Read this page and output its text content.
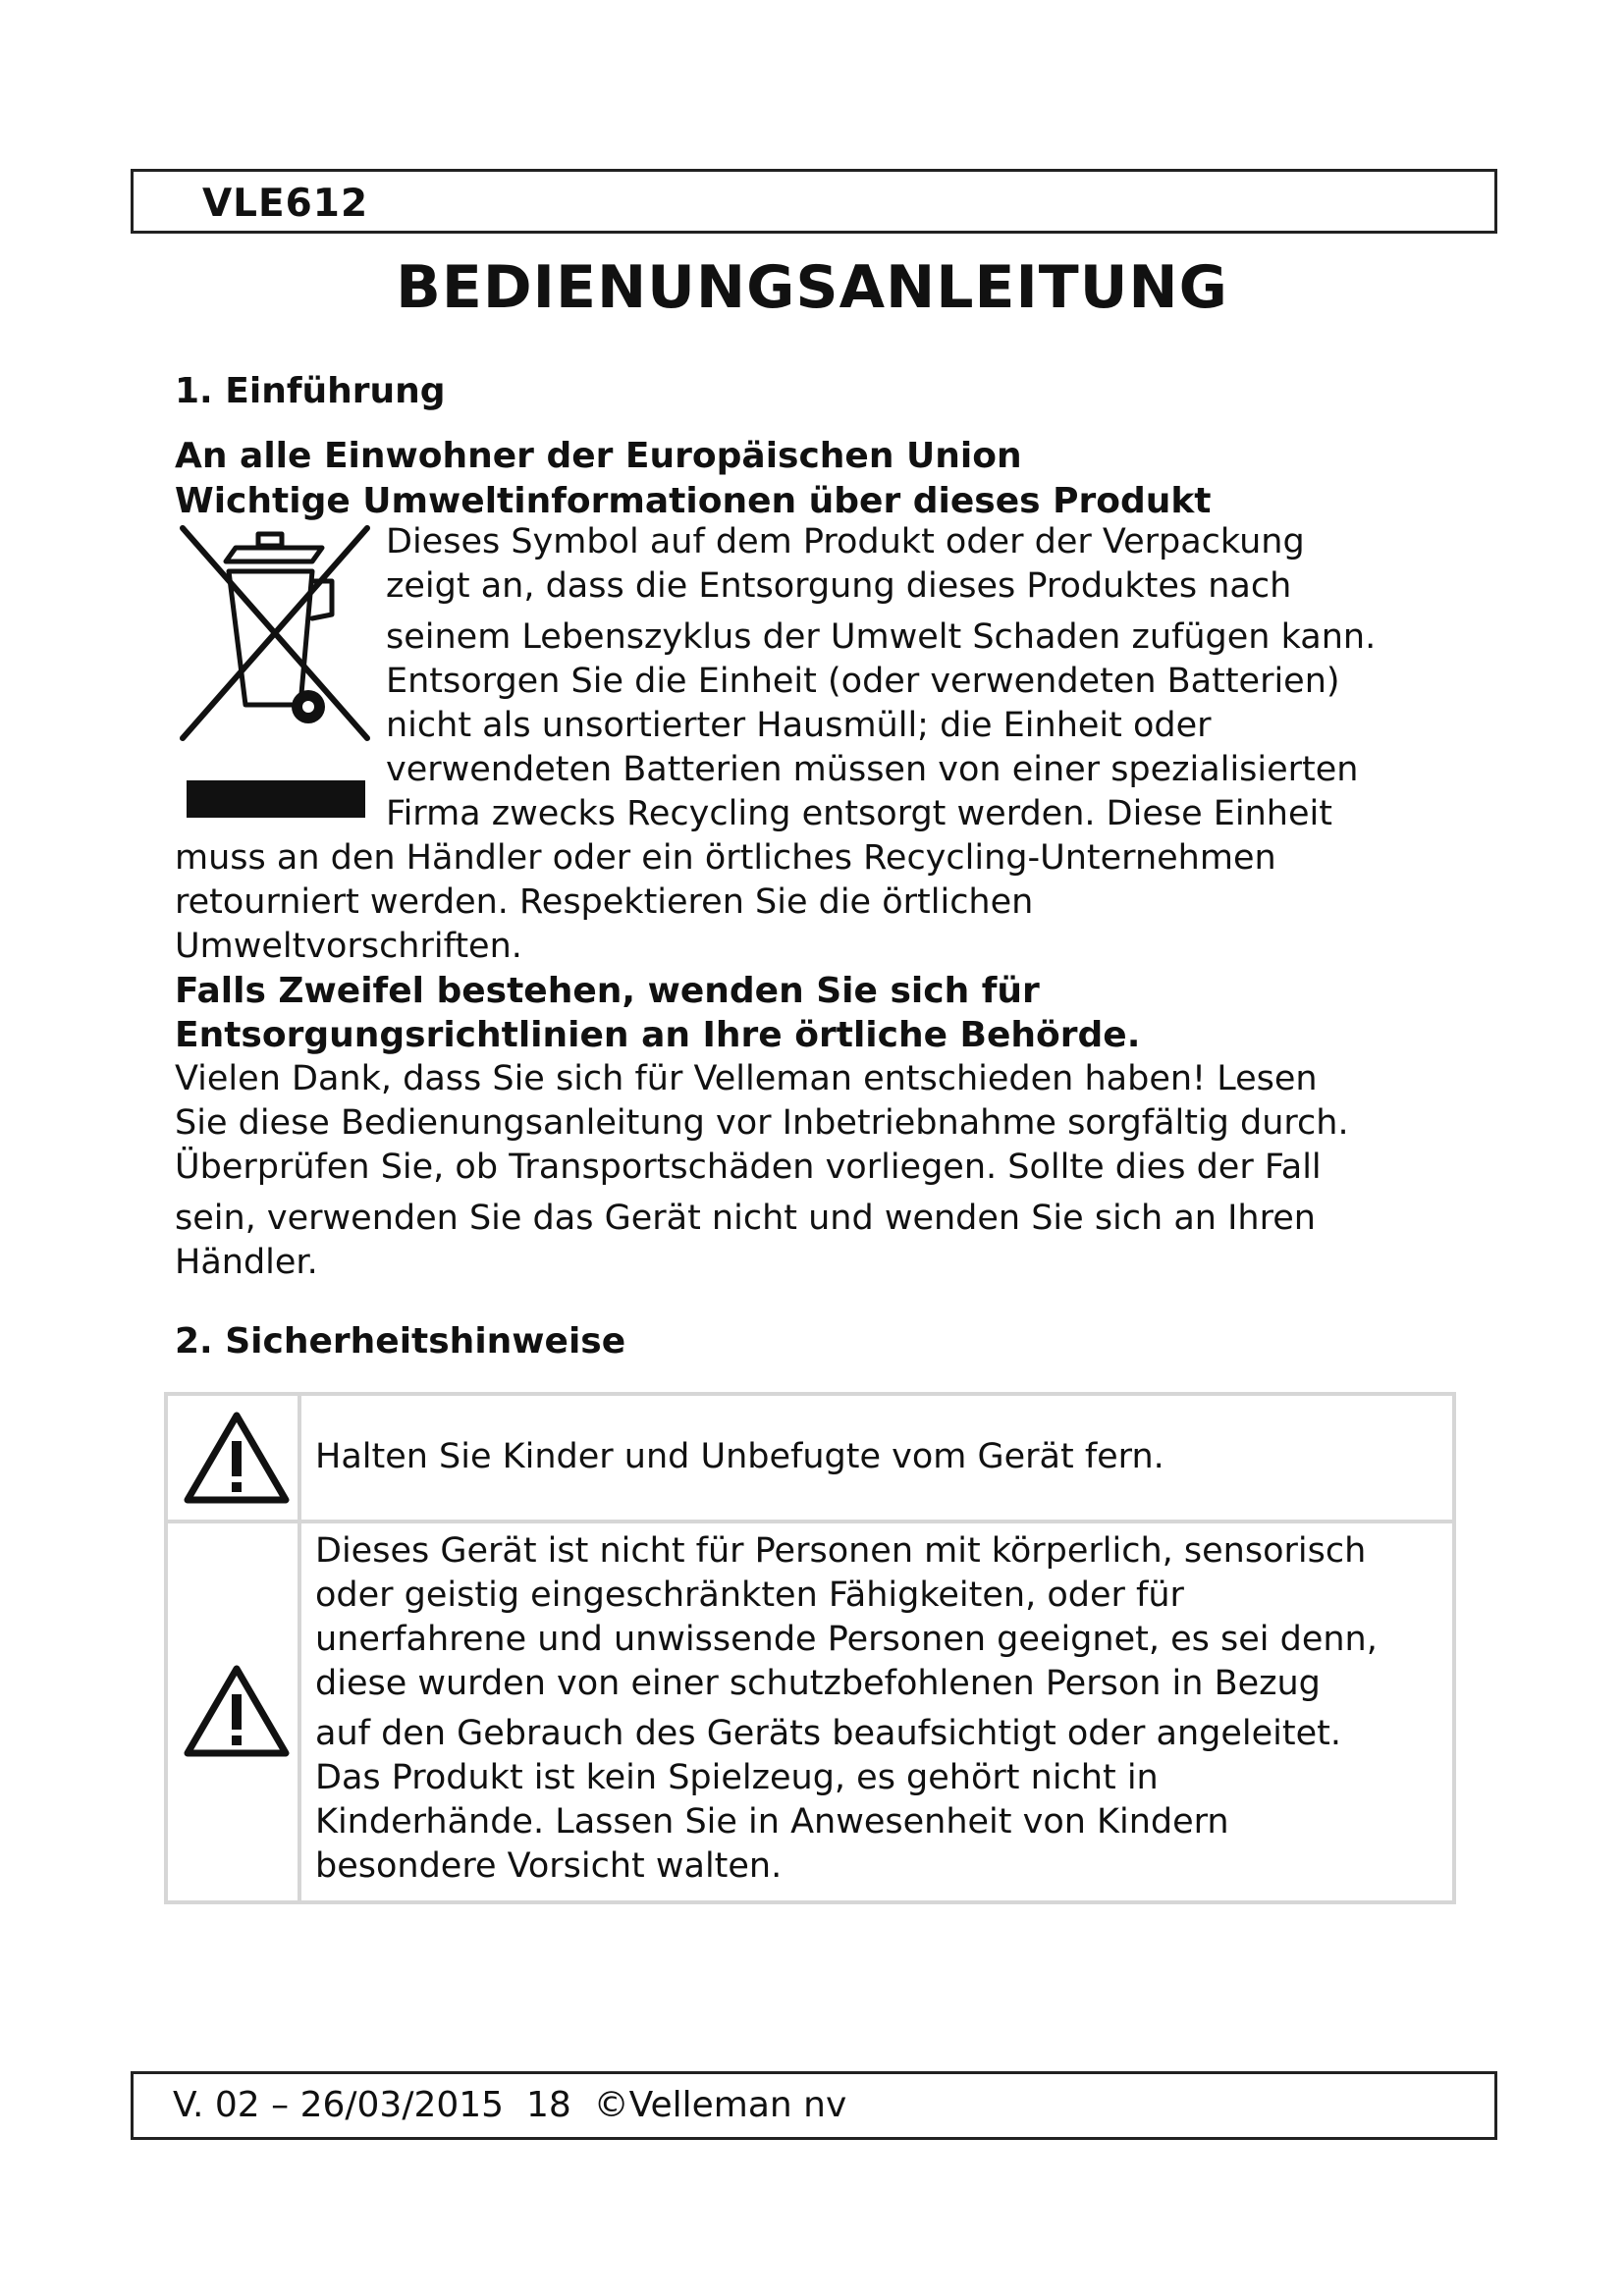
VLE612
BEDIENUNGSANLEITUNG
1. Einführung
An alle Einwohner der Europäischen Union
Wichtige Umweltinformationen über dieses Produkt
Dieses Symbol auf dem Produkt oder der Verpackung
zeigt an, dass die Entsorgung dieses Produktes nach
seinem Lebenszyklus der Umwelt Schaden zufügen kann.
Entsorgen Sie die Einheit (oder verwendeten Batterien)
nicht als unsortierter Hausmüll; die Einheit oder
verwendeten Batterien müssen von einer spezialisierten
Firma zwecks Recycling entsorgt werden. Diese Einheit
muss an den Händler oder ein örtliches Recycling-Unternehmen
retourniert werden. Respektieren Sie die örtlichen
Umweltvorschriften.
Falls Zweifel bestehen, wenden Sie sich für
Entsorgungsrichtlinien an Ihre örtliche Behörde.
Vielen Dank, dass Sie sich für Velleman entschieden haben! Lesen
Sie diese Bedienungsanleitung vor Inbetriebnahme sorgfältig durch.
Überprüfen Sie, ob Transportschäden vorliegen. Sollte dies der Fall
sein, verwenden Sie das Gerät nicht und wenden Sie sich an Ihren
Händler.
2. Sicherheitshinweise
Halten Sie Kinder und Unbefugte vom Gerät fern.
Dieses Gerät ist nicht für Personen mit körperlich, sensorisch
oder geistig eingeschränkten Fähigkeiten, oder für
unerfahrene und unwissende Personen geeignet, es sei denn,
diese wurden von einer schutzbefohlenen Person in Bezug
auf den Gebrauch des Geräts beaufsichtigt oder angeleitet.
Das Produkt ist kein Spielzeug, es gehört nicht in
Kinderhände. Lassen Sie in Anwesenheit von Kindern
besondere Vorsicht walten.
V. 02 – 26/03/2015  18  ©Velleman nv
